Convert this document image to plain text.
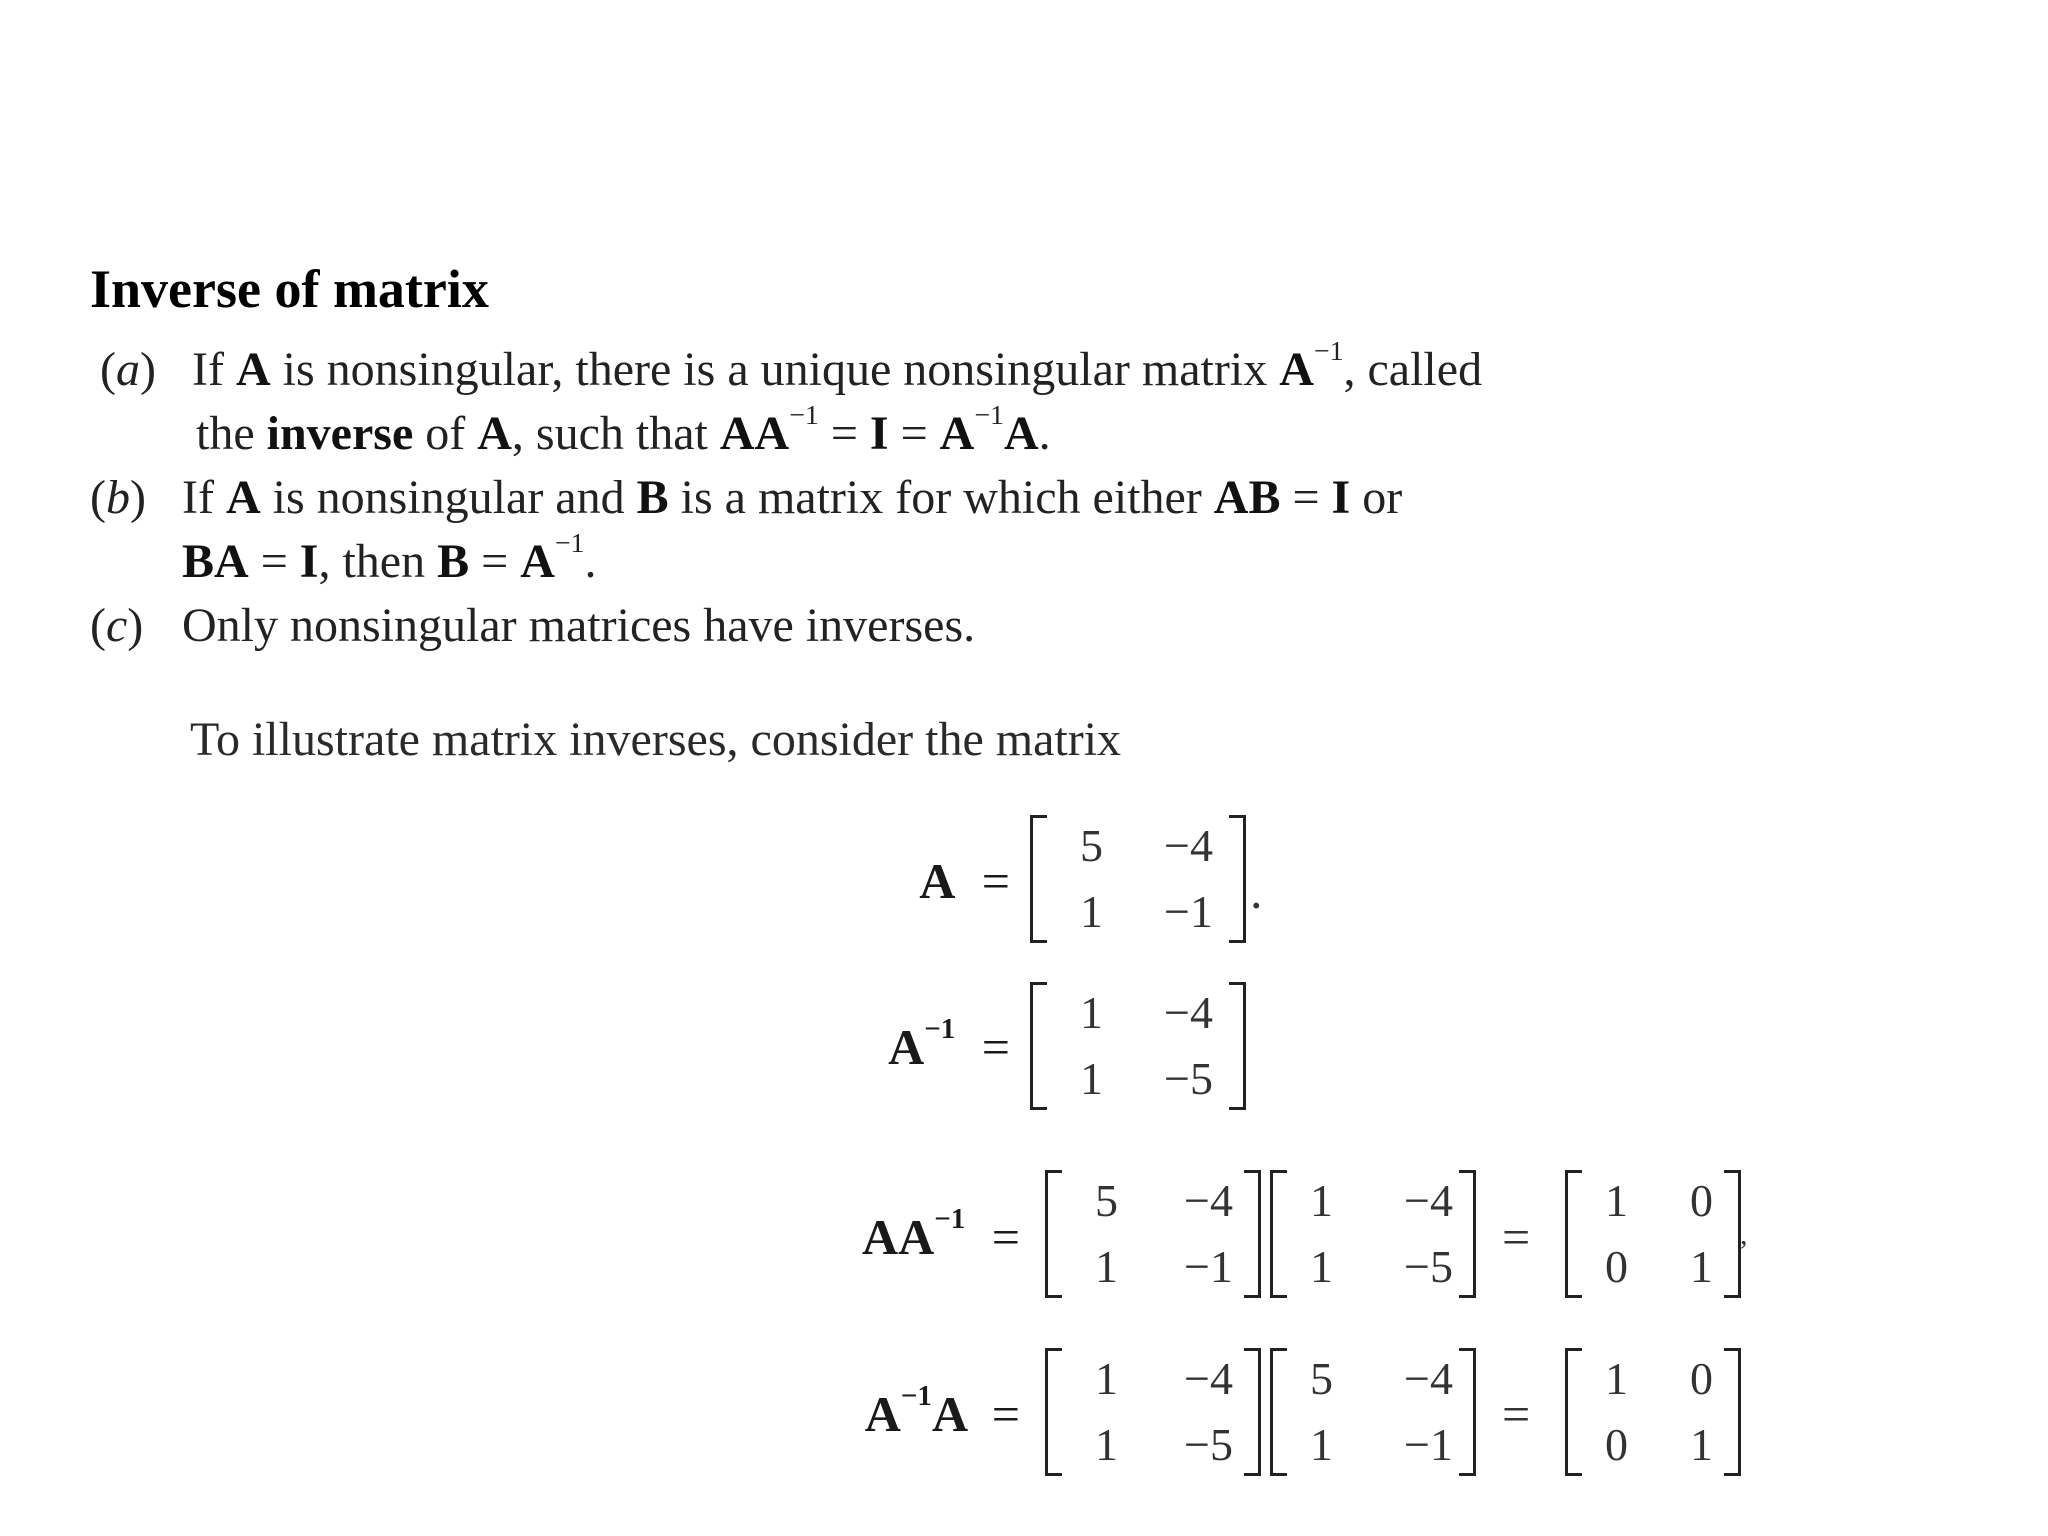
Inverse of matrix
(a) If A is nonsingular, there is a unique nonsingular matrix $A^{-1}$, called
the inverse of A, such that $AA^{-1} = I = A^{-1}A$.
(b) If A is nonsingular and B is a matrix for which either AB = I or
BA = I, then $B = A^{-1}$.
(c) Only nonsingular matrices have inverses.
To illustrate matrix inverses, consider the matrix
A =
5	−4
1	−1 .
$A^{-1}$ =
1	−4
1	−5
$AA^{-1}$ =
5	−4
1	−1
1	−4
1	−5
=
1	0
0	1
,
$A^{-1}A$ =
1	−4
1	−5
5	−4
1	−1
=
1	0
0	1
